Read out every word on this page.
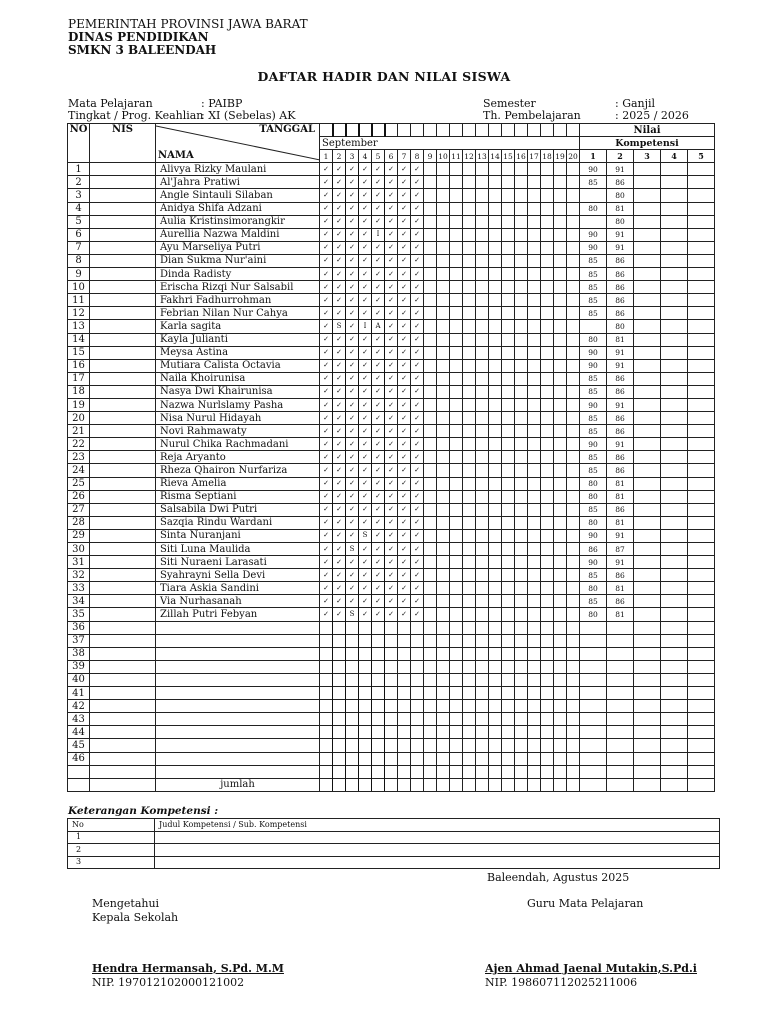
PEMERINTAH PROVINSI JAWA BARAT
DINAS PENDIDIKAN
SMKN 3 BALEENDAH
DAFTAR HADIR DAN NILAI SISWA
Mata Pelajaran	: PAIBP
Tingkat / Prog. Keahlian
: XI (Sebelas) AK
Semester	: Ganjil
Th. Pembelajaran	: 2025 / 2026
NO	NIS	TANGGAL
NAMA																					Nilai				
			September																				Kompetensi				
			1	2	3	4	5	6	7	8	9	10	11	12	13	14	15	16	17	18	19	20	1	2	3	4	5
1		Alivya Rizky Maulani	✓	✓	✓	✓	✓	✓	✓	✓													90	91			
2		Al'Jahra Pratiwi	✓	✓	✓	✓	✓	✓	✓	✓													85	86			
3		Angle Sintauli Silaban	✓	✓	✓	✓	✓	✓	✓	✓														80			
4		Anidya Shifa Adzani	✓	✓	✓	✓	✓	✓	✓	✓													80	81			
5		Aulia Kristinsimorangkir	✓	✓	✓	✓	✓	✓	✓	✓														80			
6		Aurellia Nazwa Maldini	✓	✓	✓	✓	I	✓	✓	✓													90	91			
7		Ayu Marseliya Putri	✓	✓	✓	✓	✓	✓	✓	✓													90	91			
8		Dian Sukma Nur'aini	✓	✓	✓	✓	✓	✓	✓	✓													85	86			
9		Dinda Radisty	✓	✓	✓	✓	✓	✓	✓	✓													85	86			
10		Erischa Rizqi Nur Salsabil	✓	✓	✓	✓	✓	✓	✓	✓													85	86			
11		Fakhri Fadhurrohman	✓	✓	✓	✓	✓	✓	✓	✓													85	86			
12		Febrian Nilan Nur Cahya	✓	✓	✓	✓	✓	✓	✓	✓													85	86			
13		Karla sagita	✓	S	✓	I	A	✓	✓	✓														80			
14		Kayla Julianti	✓	✓	✓	✓	✓	✓	✓	✓													80	81			
15		Meysa Astina	✓	✓	✓	✓	✓	✓	✓	✓													90	91			
16		Mutiara Calista Octavia	✓	✓	✓	✓	✓	✓	✓	✓													90	91			
17		Naila Khoirunisa	✓	✓	✓	✓	✓	✓	✓	✓													85	86			
18		Nasya Dwi Khairunisa	✓	✓	✓	✓	✓	✓	✓	✓													85	86			
19		Nazwa Nurlslamy Pasha	✓	✓	✓	✓	✓	✓	✓	✓													90	91			
20		Nisa Nurul Hidayah	✓	✓	✓	✓	✓	✓	✓	✓													85	86			
21		Novi Rahmawaty	✓	✓	✓	✓	✓	✓	✓	✓													85	86			
22		Nurul Chika Rachmadani	✓	✓	✓	✓	✓	✓	✓	✓													90	91			
23		Reja Aryanto	✓	✓	✓	✓	✓	✓	✓	✓													85	86			
24		Rheza Qhairon Nurfariza	✓	✓	✓	✓	✓	✓	✓	✓													85	86			
25		Rieva Amelia	✓	✓	✓	✓	✓	✓	✓	✓													80	81			
26		Risma Septiani	✓	✓	✓	✓	✓	✓	✓	✓													80	81			
27		Salsabila Dwi Putri	✓	✓	✓	✓	✓	✓	✓	✓													85	86			
28		Sazqia Rindu Wardani	✓	✓	✓	✓	✓	✓	✓	✓													80	81			
29		Sinta Nuranjani	✓	✓	✓	S	✓	✓	✓	✓													90	91			
30		Siti Luna Maulida	✓	✓	S	✓	✓	✓	✓	✓													86	87			
31		Siti Nuraeni Larasati	✓	✓	✓	✓	✓	✓	✓	✓													90	91			
32		Syahrayni Sella Devi	✓	✓	✓	✓	✓	✓	✓	✓													85	86			
33		Tiara Askia Sandini	✓	✓	✓	✓	✓	✓	✓	✓													80	81			
34		Via Nurhasanah	✓	✓	✓	✓	✓	✓	✓	✓													85	86			
35		Zillah Putri Febyan	✓	✓	S	✓	✓	✓	✓	✓													80	81			
36																											
37																											
38																											
39																											
40																											
41																											
42																											
43																											
44																											
45																											
46																											

		jumlah																									
Keterangan Kompetensi :
No	Judul Kompetensi / Sub. Kompetensi
1	
2	
3	
Baleendah, Agustus 2025
Mengetahui
Kepala Sekolah
Guru Mata Pelajaran
Hendra Hermansah, S.Pd. M.M
NIP. 197012102000121002
Ajen Ahmad Jaenal Mutakin,S.Pd.i
NIP. 198607112025211006
